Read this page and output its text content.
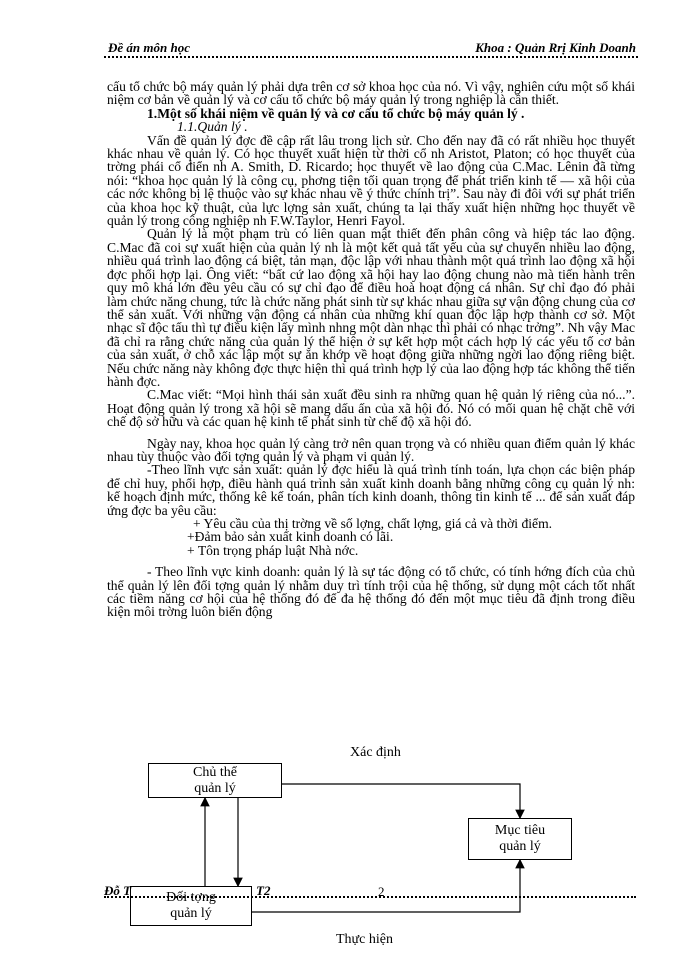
Đề án môn học	Khoa : Quản Rrị Kinh Doanh

cấu tổ chức bộ máy quản lý phải dựa trên cơ sở khoa học của nó. Vì vậy, nghiên cứu một số khái niệm cơ bản về quản lý và cơ cấu tổ chức bộ máy quản lý trong nghiệp là cần thiết.

1.Một số khái niệm về quản lý và cơ cấu tổ chức bộ máy quản lý .

1.1.Quản lý .

Vấn đề quản lý đợc đề cập rất lâu trong lịch sử. Cho đến nay đã có rất nhiều học thuyết khác nhau về quản lý. Có học thuyết xuất hiện từ thời cổ nh Aristot, Platon; có học thuyết của trờng phái cổ điển nh A. Smith, D. Ricardo; học thuyết về lao động của C.Mac. Lênin đã từng nói: “khoa học quản lý là công cụ, phơng tiện tối quan trọng để phát triển kinh tế — xã hội của các nớc không bị lệ thuộc vào sự khác nhau về ý thức chính trị”. Sau này đi đôi với sự phát triển của khoa học kỹ thuật, của lực lợng sản xuất, chúng ta lại thấy xuất hiện những học thuyết về quản lý trong công nghiệp nh F.W.Taylor, Henri Fayol.

Quản lý là một phạm trù có liên quan mật thiết đến phân công và hiệp tác lao động. C.Mac đã coi sự xuất hiện của quản lý nh là một kết quả tất yếu của sự chuyển nhiều lao động, nhiều quá trình lao động cá biệt, tản mạn, độc lập với nhau thành một quá trình lao động xã hội đợc phối hợp lại. Ông viết: “bất cứ lao động xã hội hay lao động chung nào mà tiến hành trên quy mô khá lớn đều yêu cầu có sự chỉ đạo để điều hoà hoạt động cá nhân. Sự chỉ đạo đó phải làm chức năng chung, tức là chức năng phát sinh từ sự khác nhau giữa sự vận động chung của cơ thể sản xuất. Với những vận động cá nhân của những khí quan độc lập hợp thành cơ sở. Một nhạc sĩ độc tấu thì tự điều kiện lấy mình nhng một dàn nhạc thì phải có nhạc trởng”. Nh vậy Mac đã chỉ ra rằng chức năng của quản lý thể hiện ở sự kết hợp một cách hợp lý các yếu tố cơ bản của sản xuất, ở chỗ xác lập một sự ăn khớp về hoạt động giữa những ngời lao động riêng biệt. Nếu chức năng này không đợc thực hiện thì quá trình hợp lý của lao động hợp tác không thể tiến hành đợc.

C.Mac viết: “Mọi hình thái sản xuất đều sinh ra những quan hệ quản lý riêng của nó...”. Hoạt động quản lý trong xã hội sẽ mang dấu ấn của xã hội đó. Nó có mối quan hệ chặt chẽ với chế độ sở hữu và các quan hệ kinh tế phát sinh từ chế độ xã hội đó.

Ngày nay, khoa học quản lý càng trở nên quan trọng và có nhiều quan điểm quản lý khác nhau tùy thuộc vào đối tợng quản lý và phạm vi quản lý.

-Theo lĩnh vực sản xuất: quản lý đợc hiểu là quá trình tính toán, lựa chọn các biện pháp để chỉ huy, phối hợp, điều hành quá trình sản xuất kinh doanh bằng những công cụ quản lý nh: kế hoạch định mức, thống kê kế toán, phân tích kinh doanh, thông tin kinh tế ... để sản xuất đáp ứng đợc ba yêu cầu:

+ Yêu cầu của thị trờng về số lợng, chất lợng, giá cả và thời điểm.

+Đảm bảo sản xuất kinh doanh có lãi.

+ Tôn trọng pháp luật Nhà nớc.

- Theo lĩnh vực kinh doanh: quản lý là sự tác động có tổ chức, có tính hớng đích của chủ thể quản lý lên đối tợng quản lý nhằm duy trì tính trội của hệ thống, sử dụng một cách tốt nhất các tiềm năng cơ hội của hệ thống đó để đa hệ thống đó đến một mục tiêu đã định trong điều kiện môi trờng luôn biến động

Xác định
Chủ thể
quản lý
Mục tiêu
quản lý
Đối tợng
quản lý
Thực hiện
Đỗ T	T2	2
